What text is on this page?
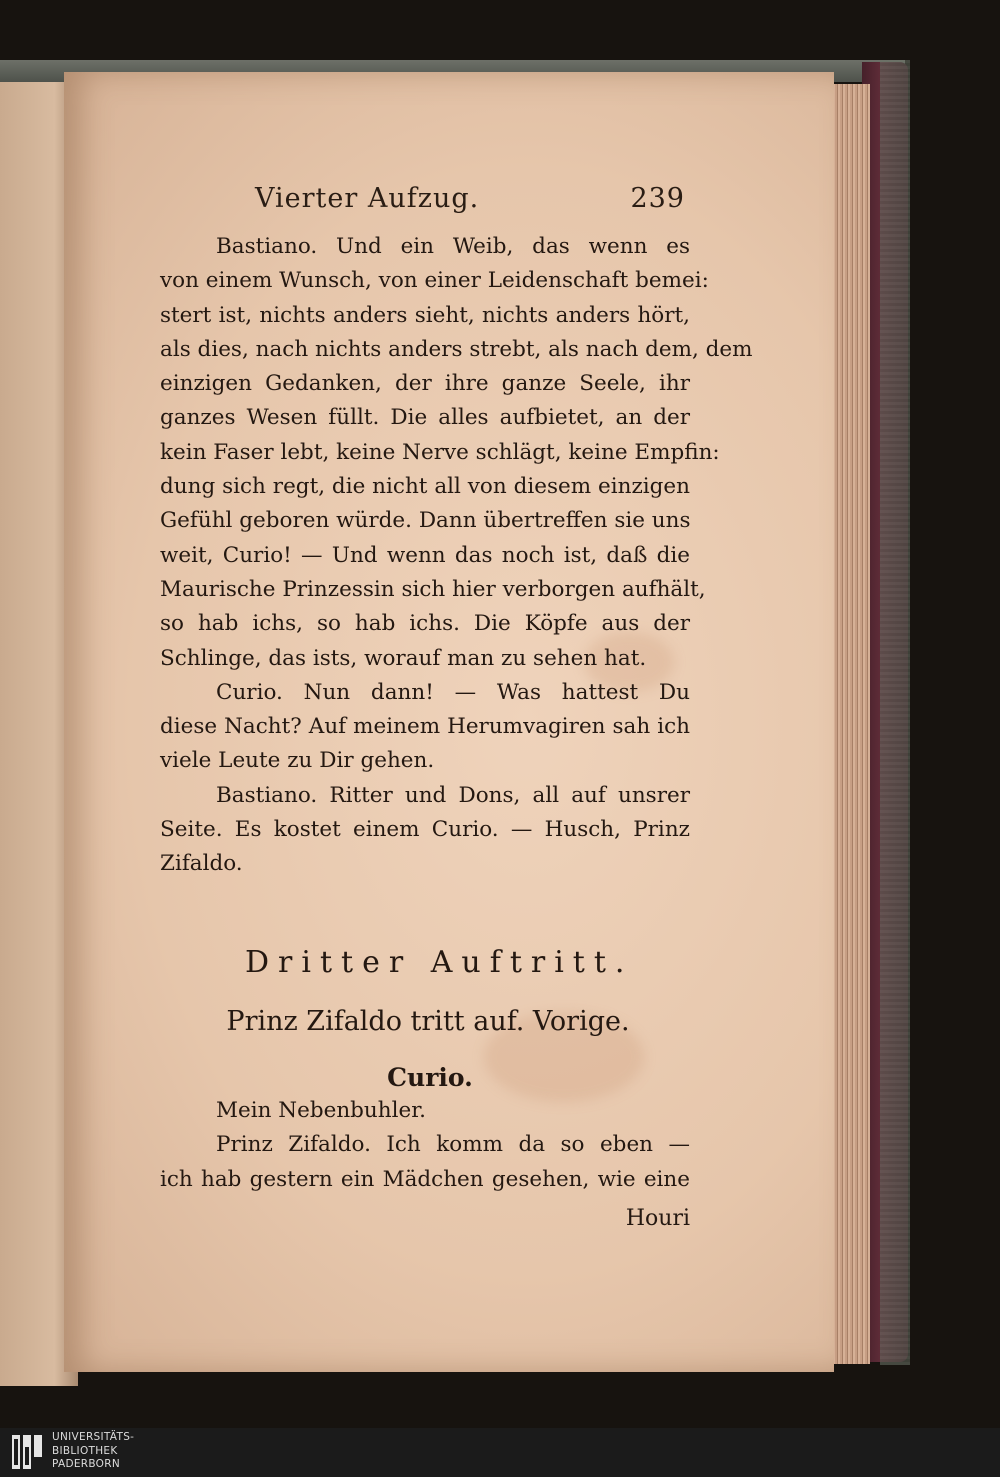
Vierter Aufzug.	239
Bastiano. Und ein Weib, das wenn es
von einem Wunsch, von einer Leidenschaft bemei:
stert ist, nichts anders sieht, nichts anders hört,
als dies, nach nichts anders strebt, als nach dem, dem
einzigen Gedanken, der ihre ganze Seele, ihr
ganzes Wesen füllt. Die alles aufbietet, an der
kein Faser lebt, keine Nerve schlägt, keine Empfin:
dung sich regt, die nicht all von diesem einzigen
Gefühl geboren würde. Dann übertreffen sie uns
weit, Curio! — Und wenn das noch ist, daß die
Maurische Prinzessin sich hier verborgen aufhält,
so hab ichs, so hab ichs. Die Köpfe aus der
Schlinge, das ists, worauf man zu sehen hat.
Curio. Nun dann! — Was hattest Du
diese Nacht? Auf meinem Herumvagiren sah ich
viele Leute zu Dir gehen.
Bastiano. Ritter und Dons, all auf unsrer
Seite. Es kostet einem Curio. — Husch, Prinz
Zifaldo.
Dritter Auftritt.
Prinz Zifaldo tritt auf. Vorige.
Curio.
Mein Nebenbuhler.
Prinz Zifaldo. Ich komm da so eben —
ich hab gestern ein Mädchen gesehen, wie eine
Houri
UNIVERSITÄTS-
BIBLIOTHEK
PADERBORN
